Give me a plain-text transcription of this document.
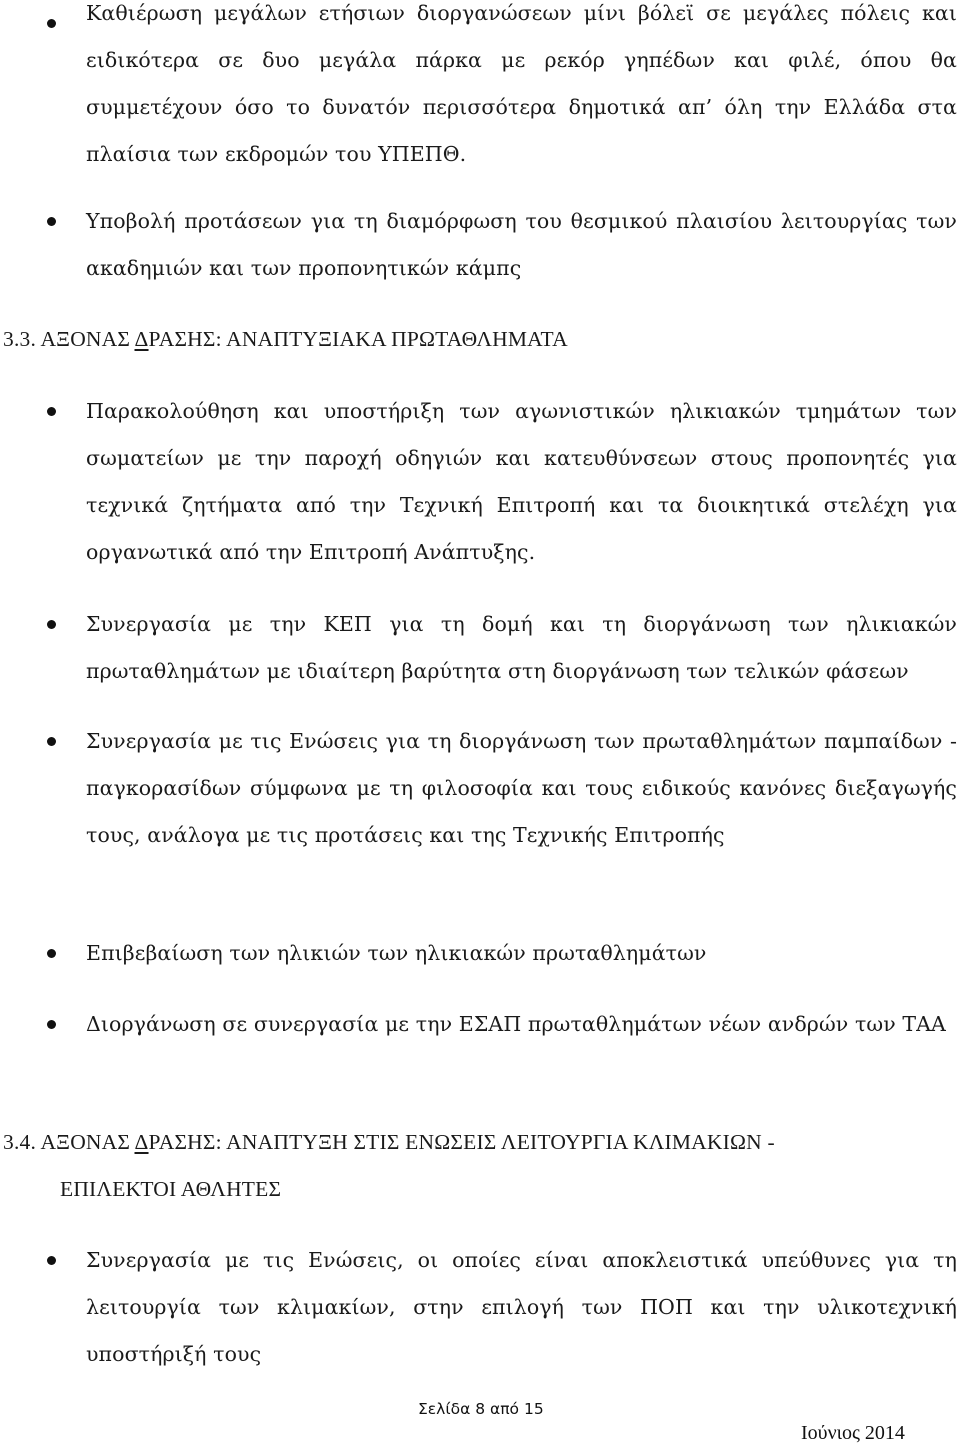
Καθιέρωση μεγάλων ετήσιων διοργανώσεων μίνι βόλεϊ σε μεγάλες πόλεις και ειδικότερα σε δυο μεγάλα πάρκα με ρεκόρ γηπέδων και φιλέ, όπου θα συμμετέχουν όσο το δυνατόν περισσότερα δημοτικά απ’ όλη την Ελλάδα στα πλαίσια των εκδρομών του ΥΠΕΠΘ.
Υποβολή προτάσεων για τη διαμόρφωση του θεσμικού πλαισίου λειτουργίας των ακαδημιών και των προπονητικών κάμπς
3.3. ΑΞΟΝΑΣ ΔΡΑΣΗΣ: ΑΝΑΠΤΥΞΙΑΚΑ ΠΡΩΤΑΘΛΗΜΑΤΑ
Παρακολούθηση και υποστήριξη των αγωνιστικών ηλικιακών τμημάτων των σωματείων με την παροχή οδηγιών και κατευθύνσεων στους προπονητές για τεχνικά ζητήματα από την Τεχνική Επιτροπή και τα διοικητικά στελέχη για οργανωτικά από την Επιτροπή Ανάπτυξης.
Συνεργασία με την ΚΕΠ για τη δομή και τη διοργάνωση των ηλικιακών πρωταθλημάτων με ιδιαίτερη βαρύτητα στη διοργάνωση των τελικών φάσεων
Συνεργασία με τις Ενώσεις για τη διοργάνωση των πρωταθλημάτων παμπαίδων - παγκορασίδων σύμφωνα με τη φιλοσοφία και τους ειδικούς κανόνες διεξαγωγής τους, ανάλογα με τις προτάσεις και της Τεχνικής Επιτροπής
Επιβεβαίωση των ηλικιών των ηλικιακών πρωταθλημάτων
Διοργάνωση σε συνεργασία με την ΕΣΑΠ πρωταθλημάτων νέων ανδρών των ΤΑΑ
3.4. ΑΞΟΝΑΣ ΔΡΑΣΗΣ: ΑΝΑΠΤΥΞΗ ΣΤΙΣ ΕΝΩΣΕΙΣ ΛΕΙΤΟΥΡΓΙΑ ΚΛΙΜΑΚΙΩΝ -
ΕΠΙΛΕΚΤΟΙ ΑΘΛΗΤΕΣ
Συνεργασία με τις Ενώσεις, οι οποίες είναι αποκλειστικά υπεύθυνες για τη λειτουργία των κλιμακίων, στην επιλογή των ΠΟΠ και την υλικοτεχνική υποστήριξή τους
Σελίδα 8 από 15
Ιούνιος 2014
